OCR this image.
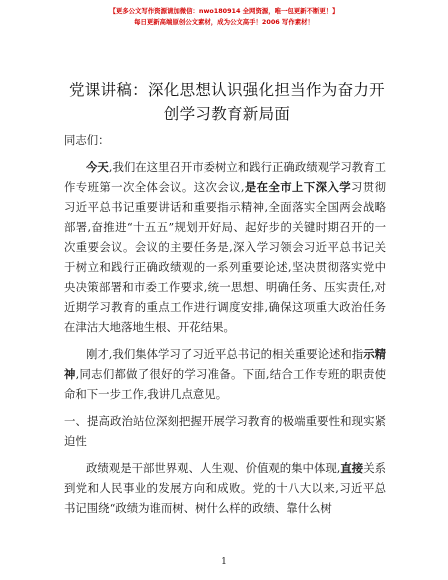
【更多公文写作资源请加微信：nwo180914 全网资源，唯一包更新不断更！】
每日更新高端原创公文素材，成为公文高手！2006 写作素材！
党课讲稿：深化思想认识强化担当作为奋力开
创学习教育新局面

同志们：

今天,我们在这里召开市委树立和践行正确政绩观学习教育工作专班第一次全体会议。这次会议,是在全市上下深入学习贯彻习近平总书记重要讲话和重要指示精神,全面落实全国两会战略部署,奋推进“十五五”规划开好局、起好步的关键时期召开的一次重要会议。会议的主要任务是,深入学习领会习近平总书记关于树立和践行正确政绩观的一系列重要论述,坚决贯彻落实党中央决策部署和市委工作要求,统一思想、明确任务、压实责任,对近期学习教育的重点工作进行调度安排,确保这项重大政治任务在津沽大地落地生根、开花结果。

刚才,我们集体学习了习近平总书记的相关重要论述和指示精神,同志们都做了很好的学习准备。下面,结合工作专班的职责使命和下一步工作,我讲几点意见。

一、提高政治站位深刻把握开展学习教育的极端重要性和现实紧迫性

政绩观是干部世界观、人生观、价值观的集中体现,直接关系到党和人民事业的发展方向和成败。党的十八大以来,习近平总书记围绕“政绩为谁而树、树什么样的政绩、靠什么树

1
